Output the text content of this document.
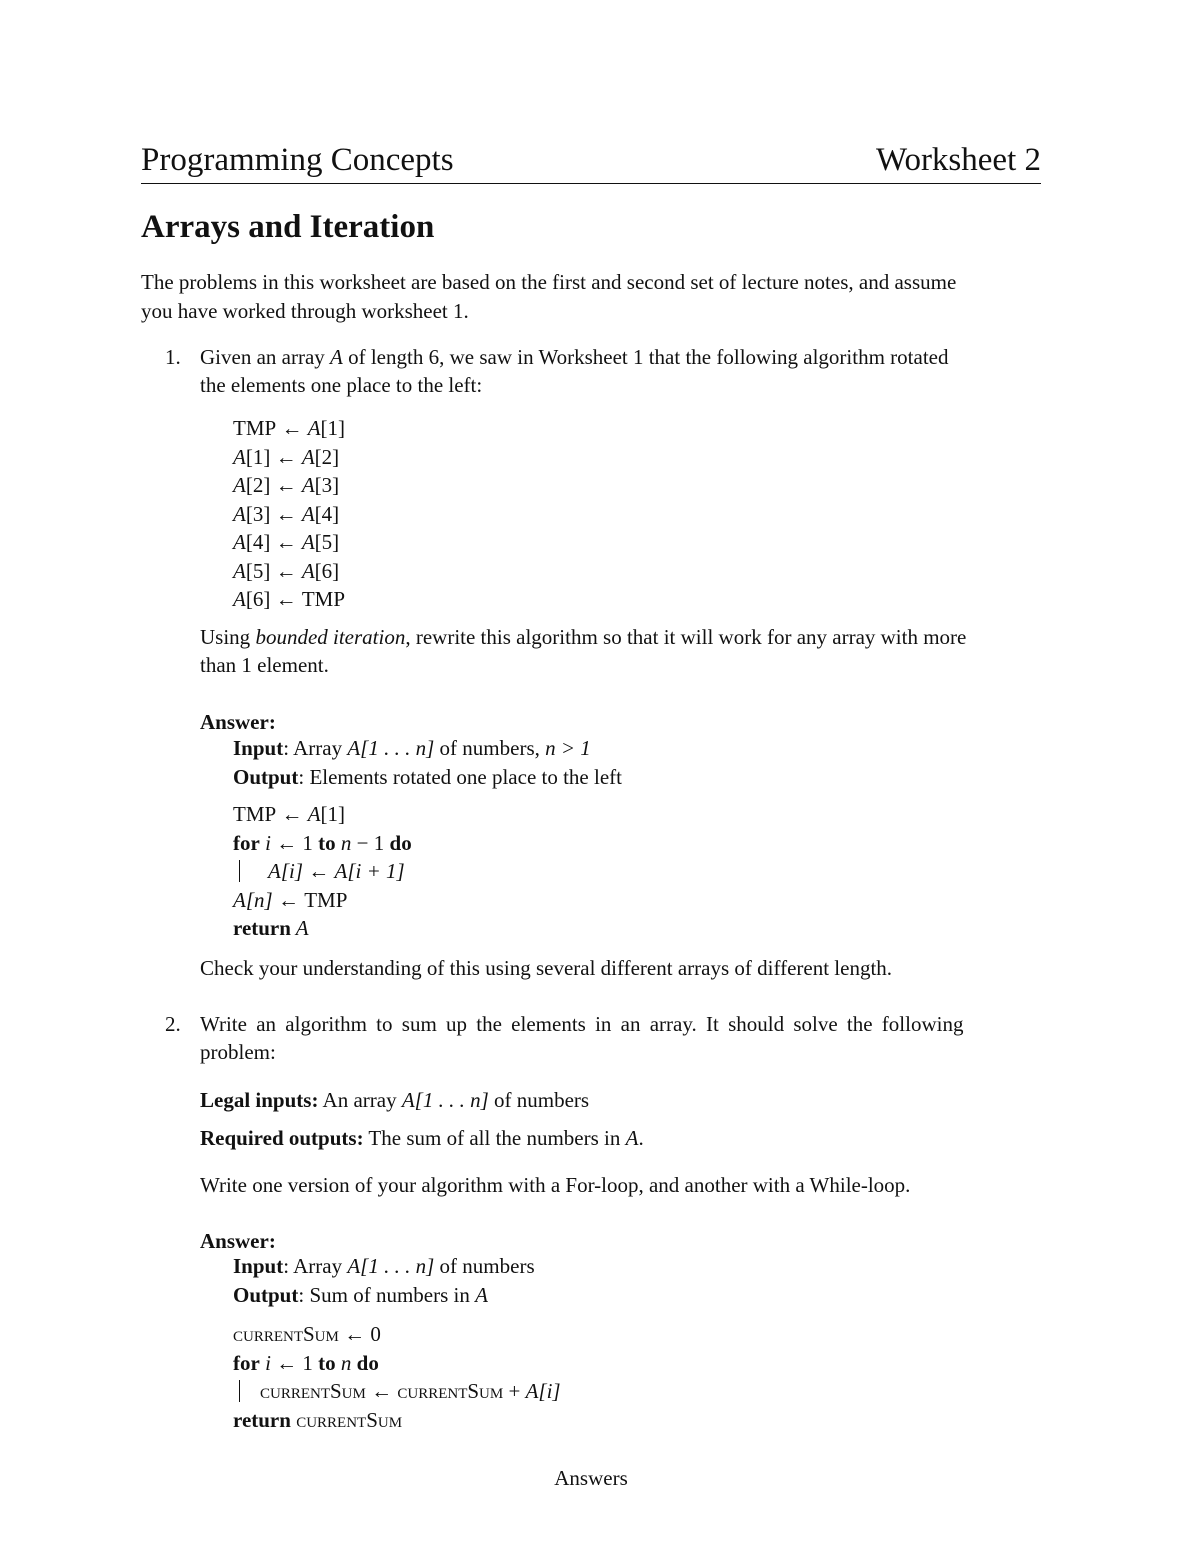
Programming Concepts	Worksheet 2
Arrays and Iteration
The problems in this worksheet are based on the first and second set of lecture notes, and assume
you have worked through worksheet 1.
1. Given an array A of length 6, we saw in Worksheet 1 that the following algorithm rotated
the elements one place to the left:
TMP ← A[1]
A[1] ← A[2]
A[2] ← A[3]
A[3] ← A[4]
A[4] ← A[5]
A[5] ← A[6]
A[6] ← TMP
Using bounded iteration, rewrite this algorithm so that it will work for any array with more
than 1 element.
Answer:
Input: Array A[1 . . . n] of numbers, n > 1
Output: Elements rotated one place to the left
TMP ← A[1]
for i ← 1 to n − 1 do
A[i] ← A[i + 1]
A[n] ← TMP
return A
Check your understanding of this using several different arrays of different length.
2. Write an algorithm to sum up the elements in an array. It should solve the following
problem:
Legal inputs: An array A[1 . . . n] of numbers
Required outputs: The sum of all the numbers in A.
Write one version of your algorithm with a For-loop, and another with a While-loop.
Answer:
Input: Array A[1 . . . n] of numbers
Output: Sum of numbers in A
currentSum ← 0
for i ← 1 to n do
currentSum ← currentSum + A[i]
return currentSum
Answers
